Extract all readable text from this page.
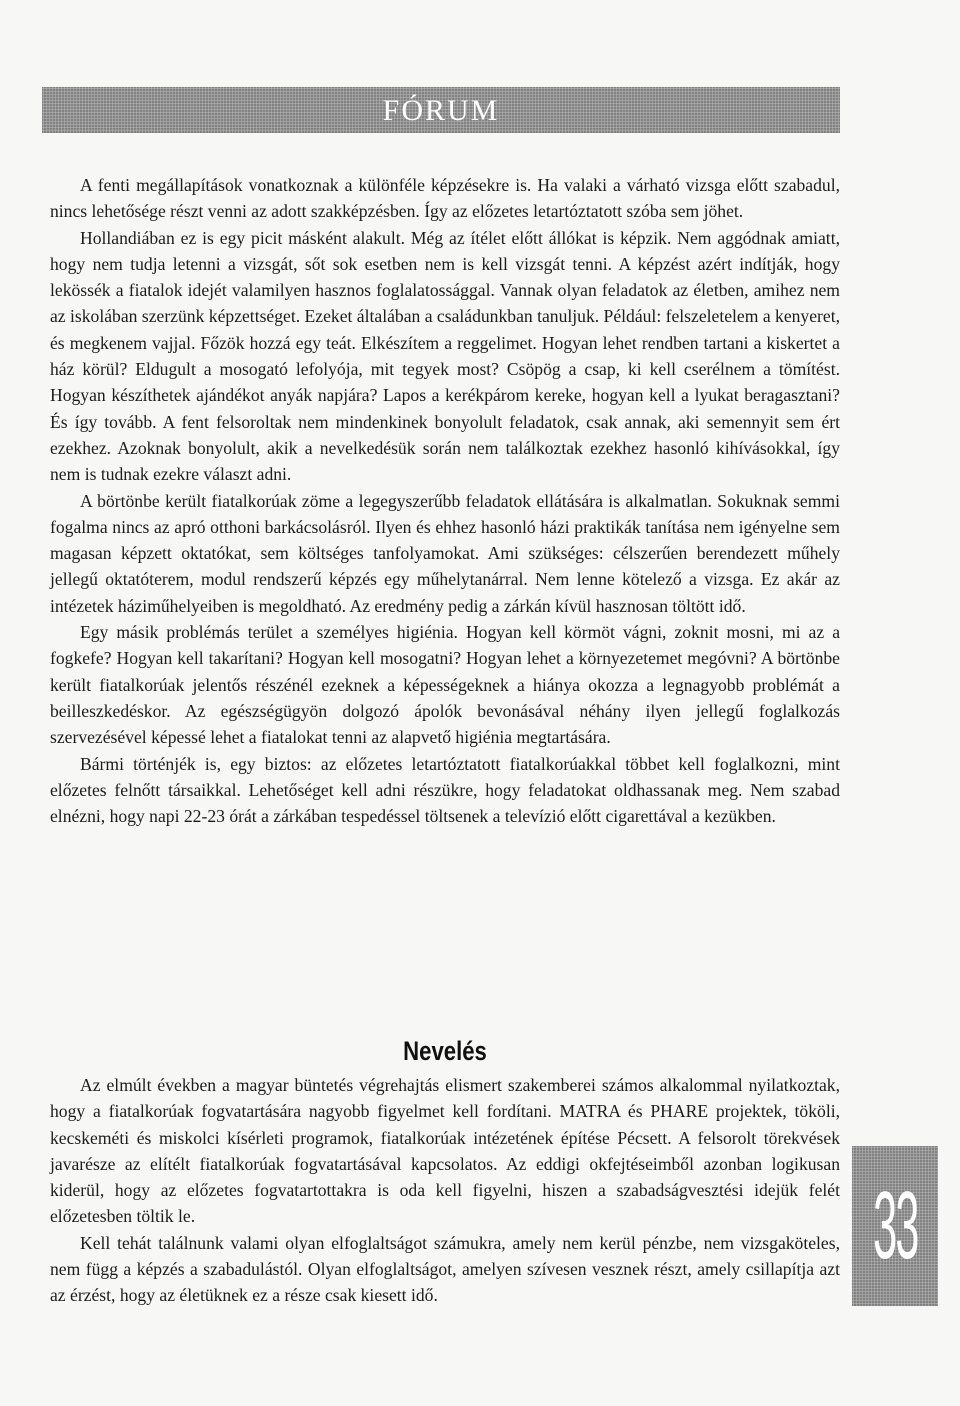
FÓRUM

A fenti megállapítások vonatkoznak a különféle képzésekre is. Ha valaki a várható vizsga előtt szabadul, nincs lehetősége részt venni az adott szakképzésben. Így az előzetes letartóztatott szóba sem jöhet.

Hollandiában ez is egy picit másként alakult. Még az ítélet előtt állókat is képzik. Nem aggódnak amiatt, hogy nem tudja letenni a vizsgát, sőt sok esetben nem is kell vizsgát tenni. A képzést azért indítják, hogy lekössék a fiatalok idejét valamilyen hasznos foglalatossággal. Vannak olyan feladatok az életben, amihez nem az iskolában szerzünk képzettséget. Ezeket általában a családunkban tanuljuk. Például: felszeletelem a kenyeret, és megkenem vajjal. Főzök hozzá egy teát. Elkészítem a reggelimet. Hogyan lehet rendben tartani a kiskertet a ház körül? Eldugult a mosogató lefolyója, mit tegyek most? Csöpög a csap, ki kell cserélnem a tömítést. Hogyan készíthetek ajándékot anyák napjára? Lapos a kerékpárom kereke, hogyan kell a lyukat beragasztani? És így tovább. A fent felsoroltak nem mindenkinek bonyolult feladatok, csak annak, aki semennyit sem ért ezekhez. Azoknak bonyolult, akik a nevelkedésük során nem találkoztak ezekhez hasonló kihívásokkal, így nem is tudnak ezekre választ adni.

A börtönbe került fiatalkorúak zöme a legegyszerűbb feladatok ellátására is alkalmatlan. Sokuknak semmi fogalma nincs az apró otthoni barkácsolásról. Ilyen és ehhez hasonló házi praktikák tanítása nem igényelne sem magasan képzett oktatókat, sem költséges tanfolyamokat. Ami szükséges: célszerűen berendezett műhely jellegű oktatóterem, modul rendszerű képzés egy műhelytanárral. Nem lenne kötelező a vizsga. Ez akár az intézetek háziműhelyeiben is megoldható. Az eredmény pedig a zárkán kívül hasznosan töltött idő.

Egy másik problémás terület a személyes higiénia. Hogyan kell körmöt vágni, zoknit mosni, mi az a fogkefe? Hogyan kell takarítani? Hogyan kell mosogatni? Hogyan lehet a környezetemet megóvni? A börtönbe került fiatalkorúak jelentős részénél ezeknek a képességeknek a hiánya okozza a legnagyobb problémát a beilleszkedéskor. Az egészségügyön dolgozó ápolók bevonásával néhány ilyen jellegű foglalkozás szervezésével képessé lehet a fiatalokat tenni az alapvető higiénia megtartására.

Bármi történjék is, egy biztos: az előzetes letartóztatott fiatalkorúakkal többet kell foglalkozni, mint előzetes felnőtt társaikkal. Lehetőséget kell adni részükre, hogy feladatokat oldhassanak meg. Nem szabad elnézni, hogy napi 22-23 órát a zárkában tespedéssel töltsenek a televízió előtt cigarettával a kezükben.

Nevelés

Az elmúlt években a magyar büntetés végrehajtás elismert szakemberei számos alkalommal nyilatkoztak, hogy a fiatalkorúak fogvatartására nagyobb figyelmet kell fordítani. MATRA és PHARE projektek, tököli, kecskeméti és miskolci kísérleti programok, fiatalkorúak intézetének építése Pécsett. A felsorolt törekvések javarésze az elítélt fiatalkorúak fogvatartásával kapcsolatos. Az eddigi okfejtéseimből azonban logikusan kiderül, hogy az előzetes fogvatartottakra is oda kell figyelni, hiszen a szabadságvesztési idejük felét előzetesben töltik le.

Kell tehát találnunk valami olyan elfoglaltságot számukra, amely nem kerül pénzbe, nem vizsgaköteles, nem függ a képzés a szabadulástól. Olyan elfoglaltságot, amelyen szívesen vesznek részt, amely csillapítja azt az érzést, hogy az életüknek ez a része csak kiesett idő.

33
